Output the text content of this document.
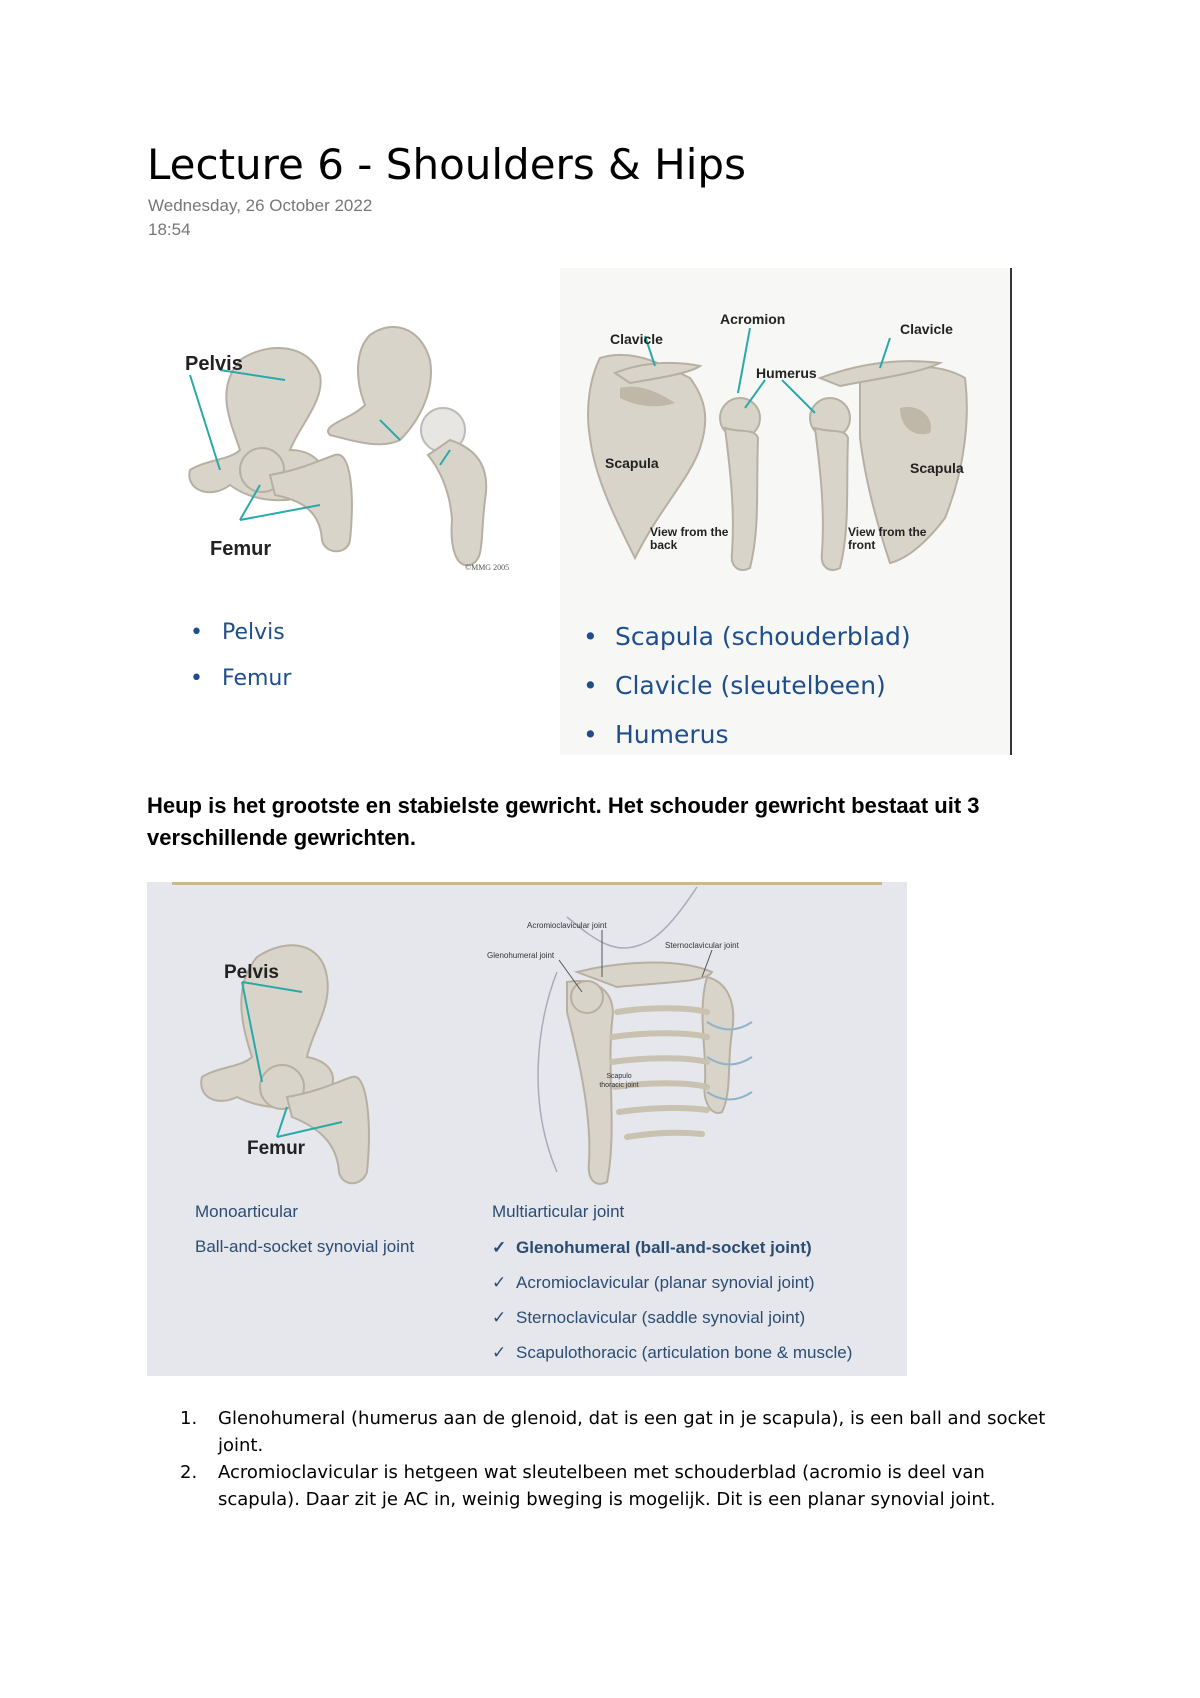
Lecture 6 - Shoulders & Hips
Wednesday, 26 October 2022
18:54
Pelvis
Femur
©MMG 2005
• Pelvis
• Femur
Acromion
Clavicle
Clavicle
Humerus
Scapula	Scapula
View from the back
View from the front
• Scapula (schouderblad)
• Clavicle (sleutelbeen)
• Humerus
Heup is het grootste en stabielste gewricht. Het schouder gewricht bestaat uit 3 verschillende gewrichten.
Pelvis
Femur
Acromioclavicular joint
Sternoclavicular joint
Glenohumeral joint
Scapulo thoracic joint
Monoarticular
Ball-and-socket synovial joint
Multiarticular joint
✓ Glenohumeral (ball-and-socket joint)
✓ Acromioclavicular (planar synovial joint)
✓ Sternoclavicular (saddle synovial joint)
✓ Scapulothoracic (articulation bone & muscle)
1. Glenohumeral (humerus aan de glenoid, dat is een gat in je scapula), is een ball and socket joint.
2. Acromioclavicular is hetgeen wat sleutelbeen met schouderblad (acromio is deel van scapula). Daar zit je AC in, weinig bweging is mogelijk. Dit is een planar synovial joint.
